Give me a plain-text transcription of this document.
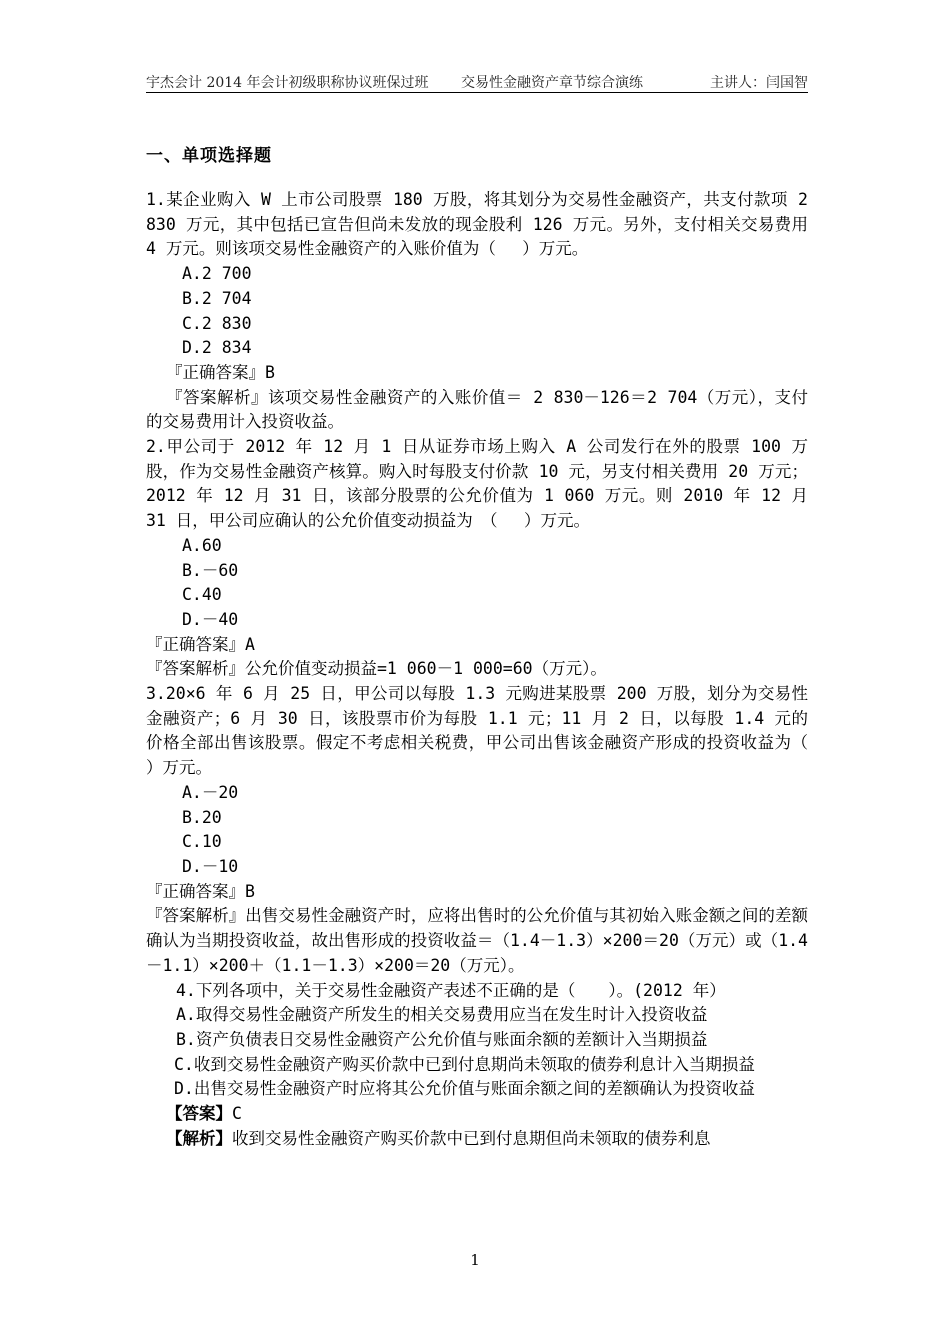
宇杰会计 2014 年会计初级职称协议班保过班 交易性金融资产章节综合演练	主讲人：闫国智
一、单项选择题

1.某企业购入 W 上市公司股票 180 万股，将其划分为交易性金融资产，共支付款项 2 830 万元，其中包括已宣告但尚未发放的现金股利 126 万元。另外，支付相关交易费用 4 万元。则该项交易性金融资产的入账价值为（　 ）万元。

A.2 700

B.2 704

C.2 830

D.2 834

『正确答案』B

『答案解析』该项交易性金融资产的入账价值＝ 2 830－126＝2 704（万元），支付的交易费用计入投资收益。

2.甲公司于 2012 年 12 月 1 日从证券市场上购入 A 公司发行在外的股票 100 万股，作为交易性金融资产核算。购入时每股支付价款 10 元，另支付相关费用 20 万元；2012 年 12 月 31 日，该部分股票的公允价值为 1 060 万元。则 2010 年 12 月 31 日，甲公司应确认的公允价值变动损益为　（　 ）万元。

A.60

B.－60

C.40

D.－40

『正确答案』A

『答案解析』公允价值变动损益=1 060－1 000=60（万元）。

3.20×6 年 6 月 25 日，甲公司以每股 1.3 元购进某股票 200 万股，划分为交易性金融资产；6 月 30 日，该股票市价为每股 1.1 元；11 月 2 日，以每股 1.4 元的价格全部出售该股票。假定不考虑相关税费，甲公司出售该金融资产形成的投资收益为（　 ）万元。

A.－20

B.20

C.10

D.－10

『正确答案』B

『答案解析』出售交易性金融资产时，应将出售时的公允价值与其初始入账金额之间的差额确认为当期投资收益，故出售形成的投资收益＝（1.4－1.3）×200＝20（万元）或（1.4－1.1）×200＋（1.1－1.3）×200＝20（万元）。

4.下列各项中，关于交易性金融资产表述不正确的是（　　）。(2012 年）

A.取得交易性金融资产所发生的相关交易费用应当在发生时计入投资收益

B.资产负债表日交易性金融资产公允价值与账面余额的差额计入当期损益

C.收到交易性金融资产购买价款中已到付息期尚未领取的债券利息计入当期损益

D.出售交易性金融资产时应将其公允价值与账面余额之间的差额确认为投资收益

【答案】C

【解析】收到交易性金融资产购买价款中已到付息期但尚未领取的债券利息

1
